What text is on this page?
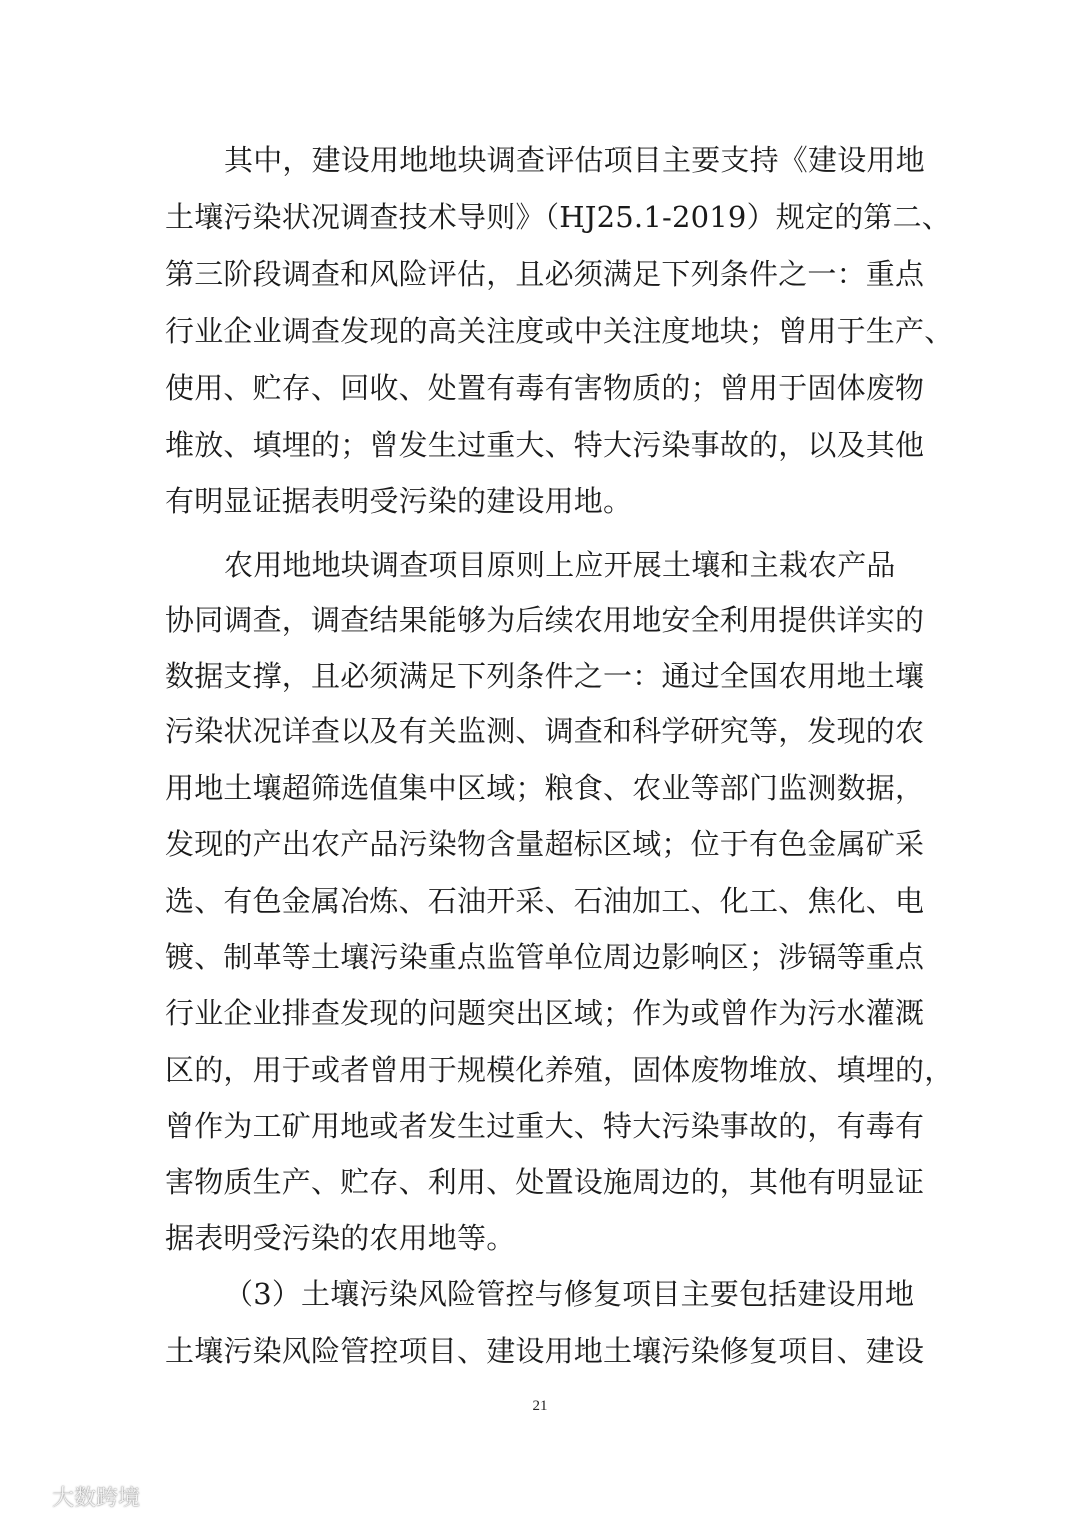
其中，建设用地地块调查评估项目主要支持《建设用地
土壤污染状况调查技术导则》（HJ25.1-2019）规定的第二、
第三阶段调查和风险评估，且必须满足下列条件之一：重点
行业企业调查发现的高关注度或中关注度地块；曾用于生产、
使用、贮存、回收、处置有毒有害物质的；曾用于固体废物
堆放、填埋的；曾发生过重大、特大污染事故的，以及其他
有明显证据表明受污染的建设用地。
农用地地块调查项目原则上应开展土壤和主栽农产品
协同调查，调查结果能够为后续农用地安全利用提供详实的
数据支撑，且必须满足下列条件之一：通过全国农用地土壤
污染状况详查以及有关监测、调查和科学研究等，发现的农
用地土壤超筛选值集中区域；粮食、农业等部门监测数据，
发现的产出农产品污染物含量超标区域；位于有色金属矿采
选、有色金属冶炼、石油开采、石油加工、化工、焦化、电
镀、制革等土壤污染重点监管单位周边影响区；涉镉等重点
行业企业排查发现的问题突出区域；作为或曾作为污水灌溉
区的，用于或者曾用于规模化养殖，固体废物堆放、填埋的，
曾作为工矿用地或者发生过重大、特大污染事故的，有毒有
害物质生产、贮存、利用、处置设施周边的，其他有明显证
据表明受污染的农用地等。
（3）土壤污染风险管控与修复项目主要包括建设用地
土壤污染风险管控项目、建设用地土壤污染修复项目、建设
21
大数跨境
